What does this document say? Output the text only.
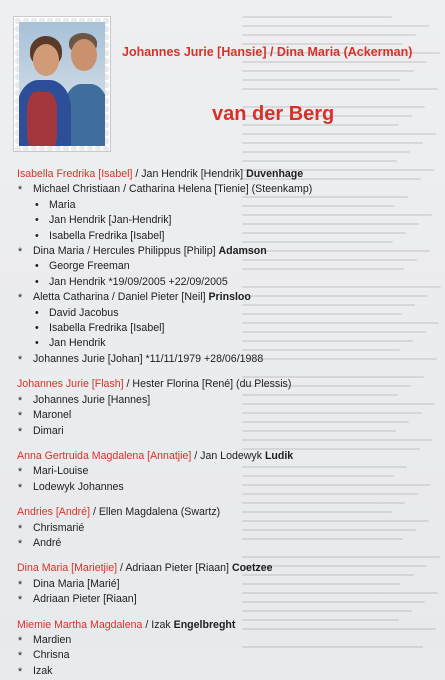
Johannes Jurie [Hansie] / Dina Maria (Ackerman)
van der Berg
Isabella Fredrika [Isabel] / Jan Hendrik [Hendrik] Duvenhage
* Michael Christiaan / Catharina Helena [Tienie] (Steenkamp)
• Maria
• Jan Hendrik [Jan-Hendrik]
• Isabella Fredrika [Isabel]
* Dina Maria / Hercules Philippus [Philip] Adamson
• George Freeman
• Jan Hendrik *19/09/2005 +22/09/2005
* Aletta Catharina / Daniel Pieter [Neil] Prinsloo
• David Jacobus
• Isabella Fredrika [Isabel]
• Jan Hendrik
* Johannes Jurie [Johan] *11/11/1979 +28/06/1988
Johannes Jurie [Flash] / Hester Florina [René] (du Plessis)
* Johannes Jurie [Hannes]
* Maronel
* Dimari
Anna Gertruida Magdalena [Annatjie] / Jan Lodewyk Ludik
* Mari-Louise
* Lodewyk Johannes
Andries [André] / Ellen Magdalena (Swartz)
* Chrismarié
* André
Dina Maria [Marietjie] / Adriaan Pieter [Riaan] Coetzee
* Dina Maria [Marié]
* Adriaan Pieter [Riaan]
Miemie Martha Magdalena / Izak Engelbreght
* Mardien
* Chrisna
* Izak
